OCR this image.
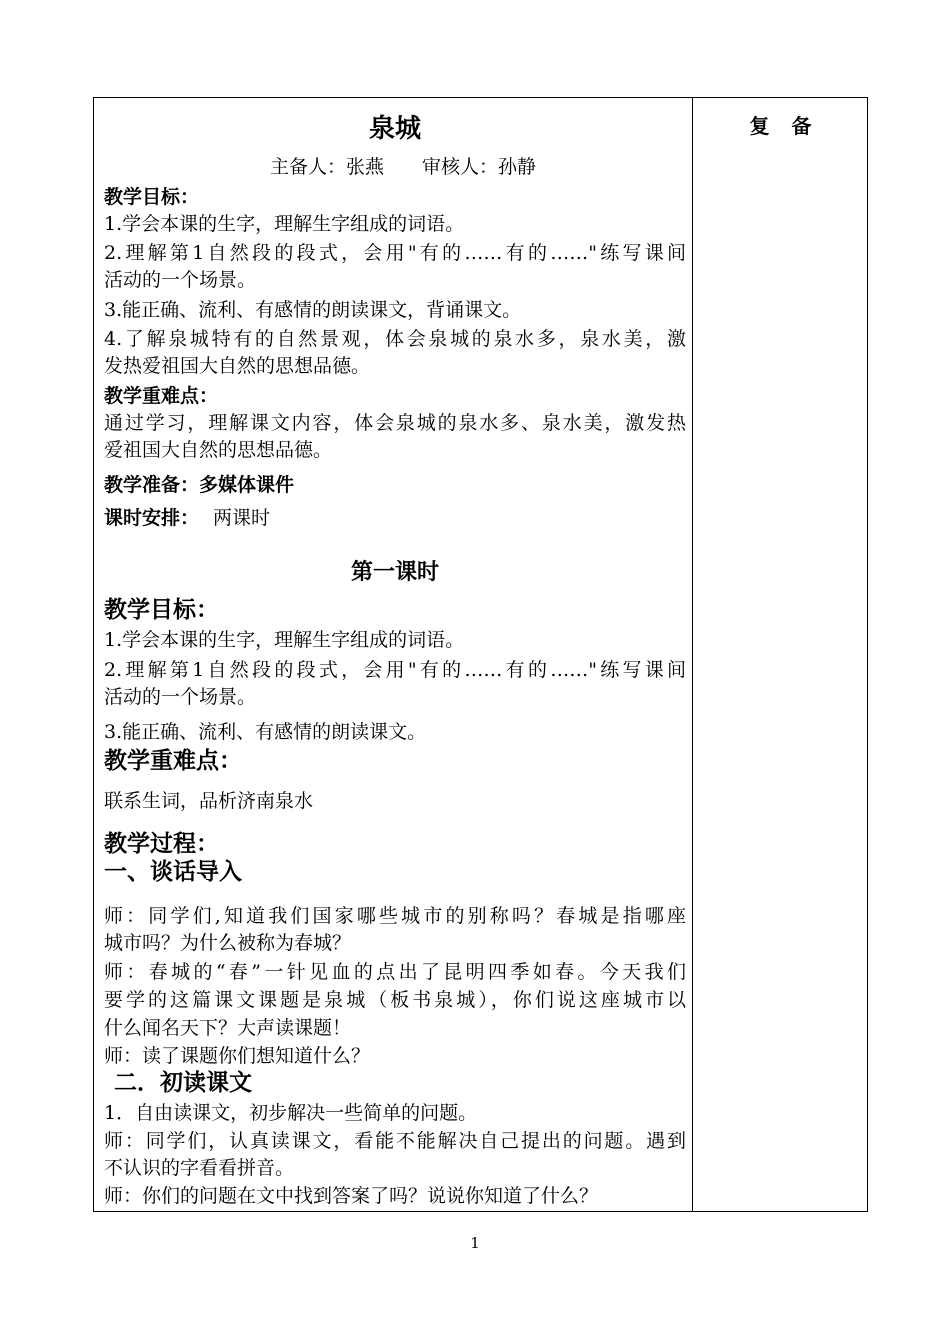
泉城
主备人：张燕　　审核人：孙静
教学目标：
1.学会本课的生字，理解生字组成的词语。
2.理解第1自然段的段式，会用"有的……有的……"练写课间
活动的一个场景。
3.能正确、流利、有感情的朗读课文，背诵课文。
4.了解泉城特有的自然景观，体会泉城的泉水多，泉水美，激
发热爱祖国大自然的思想品德。
教学重难点：
通过学习，理解课文内容，体会泉城的泉水多、泉水美，激发热
爱祖国大自然的思想品德。
教学准备：多媒体课件
课时安排： 两课时
第一课时
教学目标：
1.学会本课的生字，理解生字组成的词语。
2.理解第1自然段的段式，会用"有的……有的……"练写课间
活动的一个场景。
3.能正确、流利、有感情的朗读课文。
教学重难点：
联系生词，品析济南泉水
教学过程：
一、谈话导入
师：同学们,知道我们国家哪些城市的别称吗？春城是指哪座
城市吗？为什么被称为春城？
师：春城的“春”一针见血的点出了昆明四季如春。今天我们
要学的这篇课文课题是泉城（板书泉城），你们说这座城市以
什么闻名天下？大声读课题！
师：读了课题你们想知道什么？
二．初读课文
1．自由读课文，初步解决一些简单的问题。
师：同学们，认真读课文，看能不能解决自己提出的问题。遇到
不认识的字看看拼音。
师：你们的问题在文中找到答案了吗？说说你知道了什么？
复备
1
